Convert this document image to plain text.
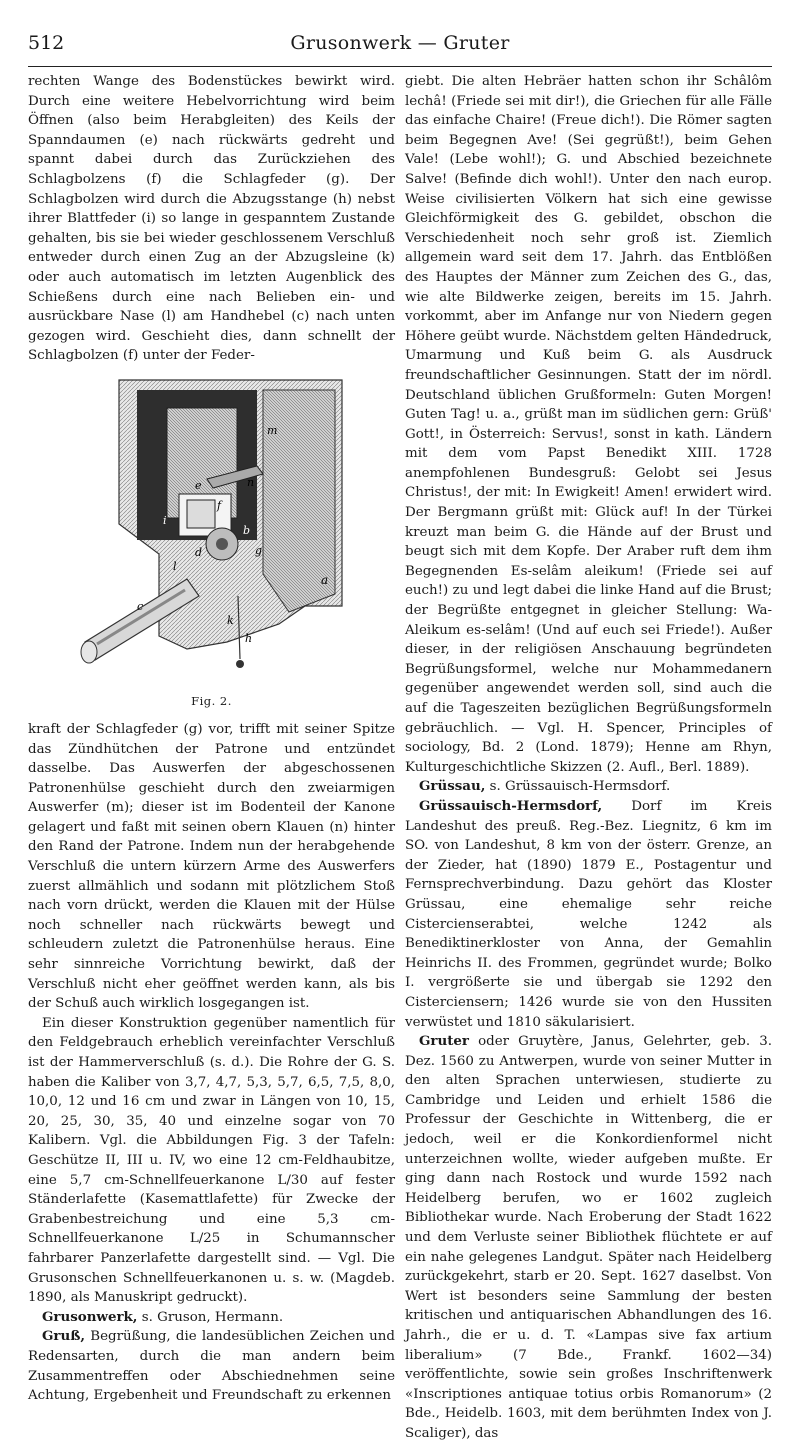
512	Grusonwerk — Gruter

rechten Wange des Bodenstückes bewirkt wird. Durch eine weitere Hebelvorrichtung wird beim Öffnen (also beim Herabgleiten) des Keils der Spanndaumen (e) nach rückwärts gedreht und spannt dabei durch das Zurückziehen des Schlagbolzens (f) die Schlagfeder (g). Der Schlagbolzen wird durch die Abzugsstange (h) nebst ihrer Blattfeder (i) so lange in gespanntem Zustande gehalten, bis sie bei wieder geschlossenem Verschluß entweder durch einen Zug an der Abzugsleine (k) oder auch automatisch im letzten Augenblick des Schießens durch eine nach Belieben ein- und ausrückbare Nase (l) am Handhebel (c) nach unten gezogen wird. Geschieht dies, dann schnellt der Schlagbolzen (f) unter der Feder-

a
b
c
d
e
f
g
h
i
k
l
m
n
Fig. 2.

kraft der Schlagfeder (g) vor, trifft mit seiner Spitze das Zündhütchen der Patrone und entzündet dasselbe. Das Auswerfen der abgeschossenen Patronenhülse geschieht durch den zweiarmigen Auswerfer (m); dieser ist im Bodenteil der Kanone gelagert und faßt mit seinen obern Klauen (n) hinter den Rand der Patrone. Indem nun der herabgehende Verschluß die untern kürzern Arme des Auswerfers zuerst allmählich und sodann mit plötzlichem Stoß nach vorn drückt, werden die Klauen mit der Hülse noch schneller nach rückwärts bewegt und schleudern zuletzt die Patronenhülse heraus. Eine sehr sinnreiche Vorrichtung bewirkt, daß der Verschluß nicht eher geöffnet werden kann, als bis der Schuß auch wirklich losgegangen ist.

Ein dieser Konstruktion gegenüber namentlich für den Feldgebrauch erheblich vereinfachter Verschluß ist der Hammerverschluß (s. d.). Die Rohre der G. S. haben die Kaliber von 3,7, 4,7, 5,3, 5,7, 6,5, 7,5, 8,0, 10,0, 12 und 16 cm und zwar in Längen von 10, 15, 20, 25, 30, 35, 40 und einzelne sogar von 70 Kalibern. Vgl. die Abbildungen Fig. 3 der Tafeln: Geschütze II, III u. IV, wo eine 12 cm-Feldhaubitze, eine 5,7 cm-Schnellfeuerkanone L/30 auf fester Ständerlafette (Kasemattlafette) für Zwecke der Grabenbestreichung und eine 5,3 cm-Schnellfeuerkanone L/25 in Schumannscher fahrbarer Panzerlafette dargestellt sind. — Vgl. Die Grusonschen Schnellfeuerkanonen u. s. w. (Magdeb. 1890, als Manuskript gedruckt).

Grusonwerk, s. Gruson, Hermann.

Gruß, Begrüßung, die landesüblichen Zeichen und Redensarten, durch die man andern beim Zusammentreffen oder Abschiednehmen seine Achtung, Ergebenheit und Freundschaft zu erkennen

giebt. Die alten Hebräer hatten schon ihr Schâlôm lechâ! (Friede sei mit dir!), die Griechen für alle Fälle das einfache Chaire! (Freue dich!). Die Römer sagten beim Begegnen Ave! (Sei gegrüßt!), beim Gehen Vale! (Lebe wohl!); G. und Abschied bezeichnete Salve! (Befinde dich wohl!). Unter den nach europ. Weise civilisierten Völkern hat sich eine gewisse Gleichförmigkeit des G. gebildet, obschon die Verschiedenheit noch sehr groß ist. Ziemlich allgemein ward seit dem 17. Jahrh. das Entblößen des Hauptes der Männer zum Zeichen des G., das, wie alte Bildwerke zeigen, bereits im 15. Jahrh. vorkommt, aber im Anfange nur von Niedern gegen Höhere geübt wurde. Nächstdem gelten Händedruck, Umarmung und Kuß beim G. als Ausdruck freundschaftlicher Gesinnungen. Statt der im nördl. Deutschland üblichen Grußformeln: Guten Morgen! Guten Tag! u. a., grüßt man im südlichen gern: Grüß' Gott!, in Österreich: Servus!, sonst in kath. Ländern mit dem vom Papst Benedikt XIII. 1728 anempfohlenen Bundesgruß: Gelobt sei Jesus Christus!, der mit: In Ewigkeit! Amen! erwidert wird. Der Bergmann grüßt mit: Glück auf! In der Türkei kreuzt man beim G. die Hände auf der Brust und beugt sich mit dem Kopfe. Der Araber ruft dem ihm Begegnenden Es-selâm aleikum! (Friede sei auf euch!) zu und legt dabei die linke Hand auf die Brust; der Begrüßte entgegnet in gleicher Stellung: Wa-Aleikum es-selâm! (Und auf euch sei Friede!). Außer dieser, in der religiösen Anschauung begründeten Begrüßungsformel, welche nur Mohammedanern gegenüber angewendet werden soll, sind auch die auf die Tageszeiten bezüglichen Begrüßungsformeln gebräuchlich. — Vgl. H. Spencer, Principles of sociology, Bd. 2 (Lond. 1879); Henne am Rhyn, Kulturgeschichtliche Skizzen (2. Aufl., Berl. 1889).

Grüssau, s. Grüssauisch-Hermsdorf.

Grüssauisch-Hermsdorf, Dorf im Kreis Landeshut des preuß. Reg.-Bez. Liegnitz, 6 km im SO. von Landeshut, 8 km von der österr. Grenze, an der Zieder, hat (1890) 1879 E., Postagentur und Fernsprechverbindung. Dazu gehört das Kloster Grüssau, eine ehemalige sehr reiche Cistercienserabtei, welche 1242 als Benediktinerkloster von Anna, der Gemahlin Heinrichs II. des Frommen, gegründet wurde; Bolko I. vergrößerte sie und übergab sie 1292 den Cisterciensern; 1426 wurde sie von den Hussiten verwüstet und 1810 säkularisiert.

Gruter oder Gruytère, Janus, Gelehrter, geb. 3. Dez. 1560 zu Antwerpen, wurde von seiner Mutter in den alten Sprachen unterwiesen, studierte zu Cambridge und Leiden und erhielt 1586 die Professur der Geschichte in Wittenberg, die er jedoch, weil er die Konkordienformel nicht unterzeichnen wollte, wieder aufgeben mußte. Er ging dann nach Rostock und wurde 1592 nach Heidelberg berufen, wo er 1602 zugleich Bibliothekar wurde. Nach Eroberung der Stadt 1622 und dem Verluste seiner Bibliothek flüchtete er auf ein nahe gelegenes Landgut. Später nach Heidelberg zurückgekehrt, starb er 20. Sept. 1627 daselbst. Von Wert ist besonders seine Sammlung der besten kritischen und antiquarischen Abhandlungen des 16. Jahrh., die er u. d. T. «Lampas sive fax artium liberalium» (7 Bde., Frankf. 1602—34) veröffentlichte, sowie sein großes Inschriftenwerk «Inscriptiones antiquae totius orbis Romanorum» (2 Bde., Heidelb. 1603, mit dem berühmten Index von J. Scaliger), das
